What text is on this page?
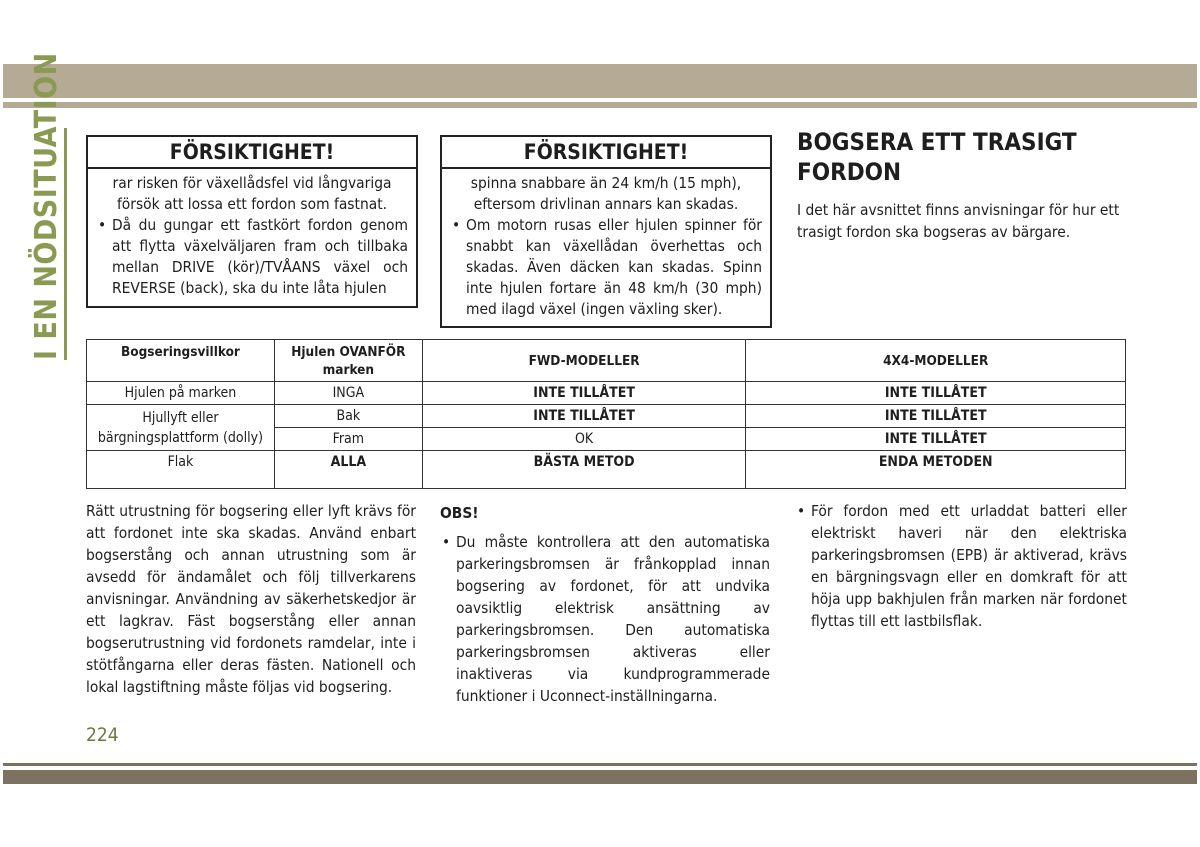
I EN NÖDSITUATION	FÖRSIKTIGHET!
rar risken för växellådsfel vid långvariga försök att lossa ett fordon som fastnat.
• Då du gungar ett fastkört fordon genom att flytta växelväljaren fram och tillbaka mellan DRIVE (kör)/TVÅANS växel och REVERSE (back), ska du inte låta hjulen
FÖRSIKTIGHET!
spinna snabbare än 24 km/h (15 mph), eftersom drivlinan annars kan skadas.
• Om motorn rusas eller hjulen spinner för snabbt kan växellådan överhettas och skadas. Även däcken kan skadas. Spinn inte hjulen fortare än 48 km/h (30 mph) med ilagd växel (ingen växling sker).
BOGSERA ETT TRASIGT FORDON
I det här avsnittet finns anvisningar för hur ett trasigt fordon ska bogseras av bärgare.
Bogseringsvillkor	Hjulen OVANFÖR marken	FWD-MODELLER	4X4-MODELLER
Hjulen på marken	INGA	INTE TILLÅTET	INTE TILLÅTET
Hjullyft eller bärgningsplattform (dolly)	Bak	INTE TILLÅTET	INTE TILLÅTET
	Fram	OK	INTE TILLÅTET
Flak	ALLA	BÄSTA METOD	ENDA METODEN
Rätt utrustning för bogsering eller lyft krävs för att fordonet inte ska skadas. Använd enbart bogserstång och annan utrustning som är avsedd för ändamålet och följ tillverkarens anvisningar. Användning av säkerhetskedjor är ett lagkrav. Fäst bogserstång eller annan bogserutrustning vid fordonets ramdelar, inte i stötfångarna eller deras fästen. Nationell och lokal lagstiftning måste följas vid bogsering.
OBS!
• Du måste kontrollera att den automatiska parkeringsbromsen är frånkopplad innan bogsering av fordonet, för att undvika oavsiktlig elektrisk ansättning av parkeringsbromsen. Den automatiska parkeringsbromsen aktiveras eller inaktiveras via kundprogrammerade funktioner i Uconnect-inställningarna.
• För fordon med ett urladdat batteri eller elektriskt haveri när den elektriska parkeringsbromsen (EPB) är aktiverad, krävs en bärgningsvagn eller en domkraft för att höja upp bakhjulen från marken när fordonet flyttas till ett lastbilsflak.
224
